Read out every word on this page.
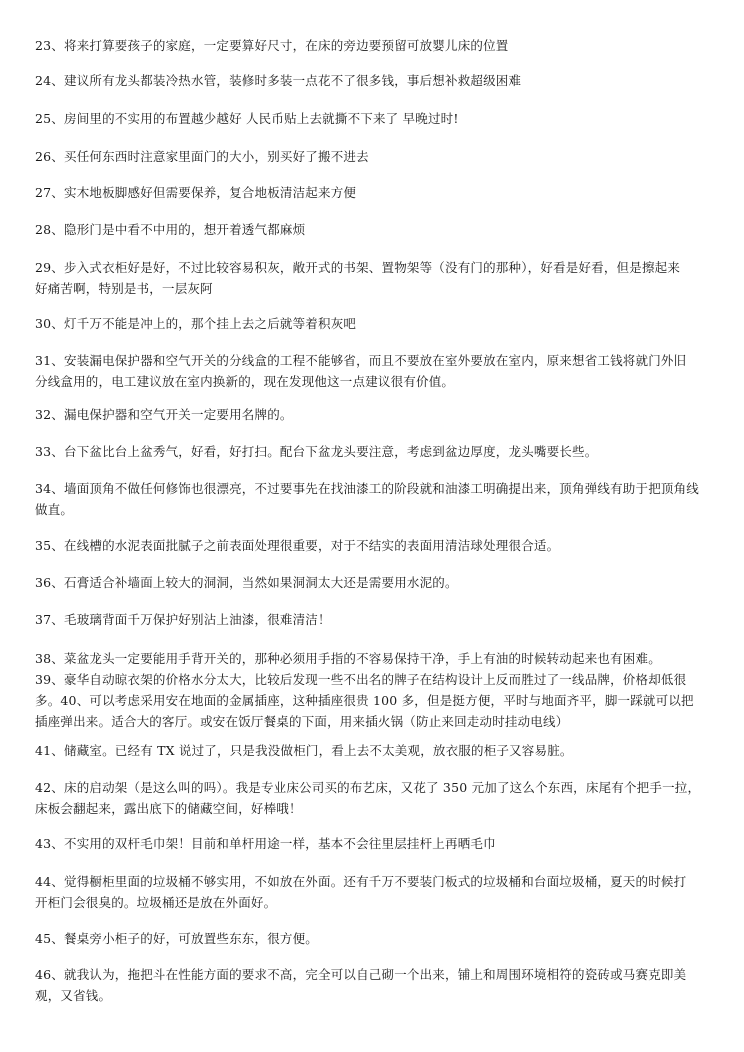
23、将来打算要孩子的家庭，一定要算好尺寸，在床的旁边要预留可放婴儿床的位置
24、建议所有龙头都装冷热水管，装修时多装一点花不了很多钱，事后想补救超级困难
25、房间里的不实用的布置越少越好 人民币贴上去就撕不下来了 早晚过时!
26、买任何东西时注意家里面门的大小，别买好了搬不进去
27、实木地板脚感好但需要保养，复合地板清洁起来方便
28、隐形门是中看不中用的，想开着透气都麻烦
29、步入式衣柜好是好，不过比较容易积灰，敞开式的书架、置物架等（没有门的那种），好看是好看，但是擦起来
好痛苦啊，特别是书，一层灰阿
30、灯千万不能是冲上的，那个挂上去之后就等着积灰吧
31、安装漏电保护器和空气开关的分线盒的工程不能够省，而且不要放在室外要放在室内，原来想省工钱将就门外旧
分线盒用的，电工建议放在室内换新的，现在发现他这一点建议很有价值。
32、漏电保护器和空气开关一定要用名牌的。
33、台下盆比台上盆秀气，好看，好打扫。配台下盆龙头要注意，考虑到盆边厚度，龙头嘴要长些。
34、墙面顶角不做任何修饰也很漂亮，不过要事先在找油漆工的阶段就和油漆工明确提出来，顶角弹线有助于把顶角线
做直。
35、在线槽的水泥表面批腻子之前表面处理很重要，对于不结实的表面用清洁球处理很合适。
36、石膏适合补墙面上较大的洞洞，当然如果洞洞太大还是需要用水泥的。
37、毛玻璃背面千万保护好别沾上油漆，很难清洁！
38、菜盆龙头一定要能用手背开关的，那种必须用手指的不容易保持干净，手上有油的时候转动起来也有困难。
39、豪华自动晾衣架的价格水分太大，比较后发现一些不出名的牌子在结构设计上反而胜过了一线品牌，价格却低很
多。40、可以考虑采用安在地面的金属插座，这种插座很贵 100 多，但是挺方便，平时与地面齐平，脚一踩就可以把
插座弹出来。适合大的客厅。或安在饭厅餐桌的下面，用来插火锅（防止来回走动时挂动电线）
41、储藏室。已经有 TX 说过了，只是我没做柜门，看上去不太美观，放衣服的柜子又容易脏。
42、床的启动架（是这么叫的吗）。我是专业床公司买的布艺床，又花了 350 元加了这么个东西，床尾有个把手一拉，
床板会翻起来，露出底下的储藏空间，好棒哦！
43、不实用的双杆毛巾架！目前和单杆用途一样，基本不会往里层挂杆上再晒毛巾
44、觉得橱柜里面的垃圾桶不够实用，不如放在外面。还有千万不要装门板式的垃圾桶和台面垃圾桶，夏天的时候打
开柜门会很臭的。垃圾桶还是放在外面好。
45、餐桌旁小柜子的好，可放置些东东，很方便。
46、就我认为，拖把斗在性能方面的要求不高，完全可以自己砌一个出来，铺上和周围环境相符的瓷砖或马赛克即美
观，又省钱。
